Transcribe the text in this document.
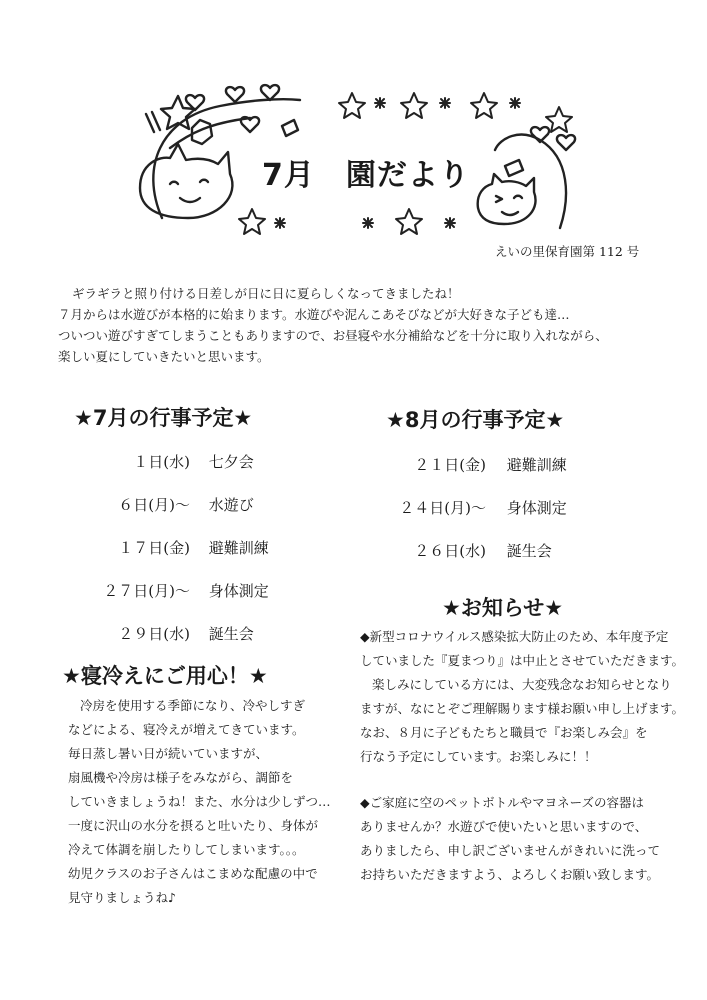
7月　園だより
えいの里保育園第 112 号

ギラギラと照り付ける日差しが日に日に夏らしくなってきましたね！

７月からは水遊びが本格的に始まります。水遊びや泥んこあそびなどが大好きな子ども達…

ついつい遊びすぎてしまうこともありますので、お昼寝や水分補給などを十分に取り入れながら、

楽しい夏にしていきたいと思います。

★7月の行事予定★
１日(水) 七夕会
６日(月)〜 水遊び
１７日(金) 避難訓練
２７日(月)〜 身体測定
２９日(水) 誕生会
★8月の行事予定★
２１日(金) 避難訓練
２４日(月)〜 身体測定
２６日(水) 誕生会
★寝冷えにご用心！★

冷房を使用する季節になり、冷やしすぎ

などによる、寝冷えが増えてきています。

毎日蒸し暑い日が続いていますが、

扇風機や冷房は様子をみながら、調節を

していきましょうね！また、水分は少しずつ…

一度に沢山の水分を摂ると吐いたり、身体が

冷えて体調を崩したりしてしまいます。。。

幼児クラスのお子さんはこまめな配慮の中で

見守りましょうね♪

★お知らせ★

◆新型コロナウイルス感染拡大防止のため、本年度予定

していました『夏まつり』は中止とさせていただきます。

楽しみにしている方には、大変残念なお知らせとなり

ますが、なにとぞご理解賜ります様お願い申し上げます。

なお、８月に子どもたちと職員で『お楽しみ会』を

行なう予定にしています。お楽しみに！！

◆ご家庭に空のペットボトルやマヨネーズの容器は

ありませんか？水遊びで使いたいと思いますので、

ありましたら、申し訳ございませんがきれいに洗って

お持ちいただきますよう、よろしくお願い致します。
